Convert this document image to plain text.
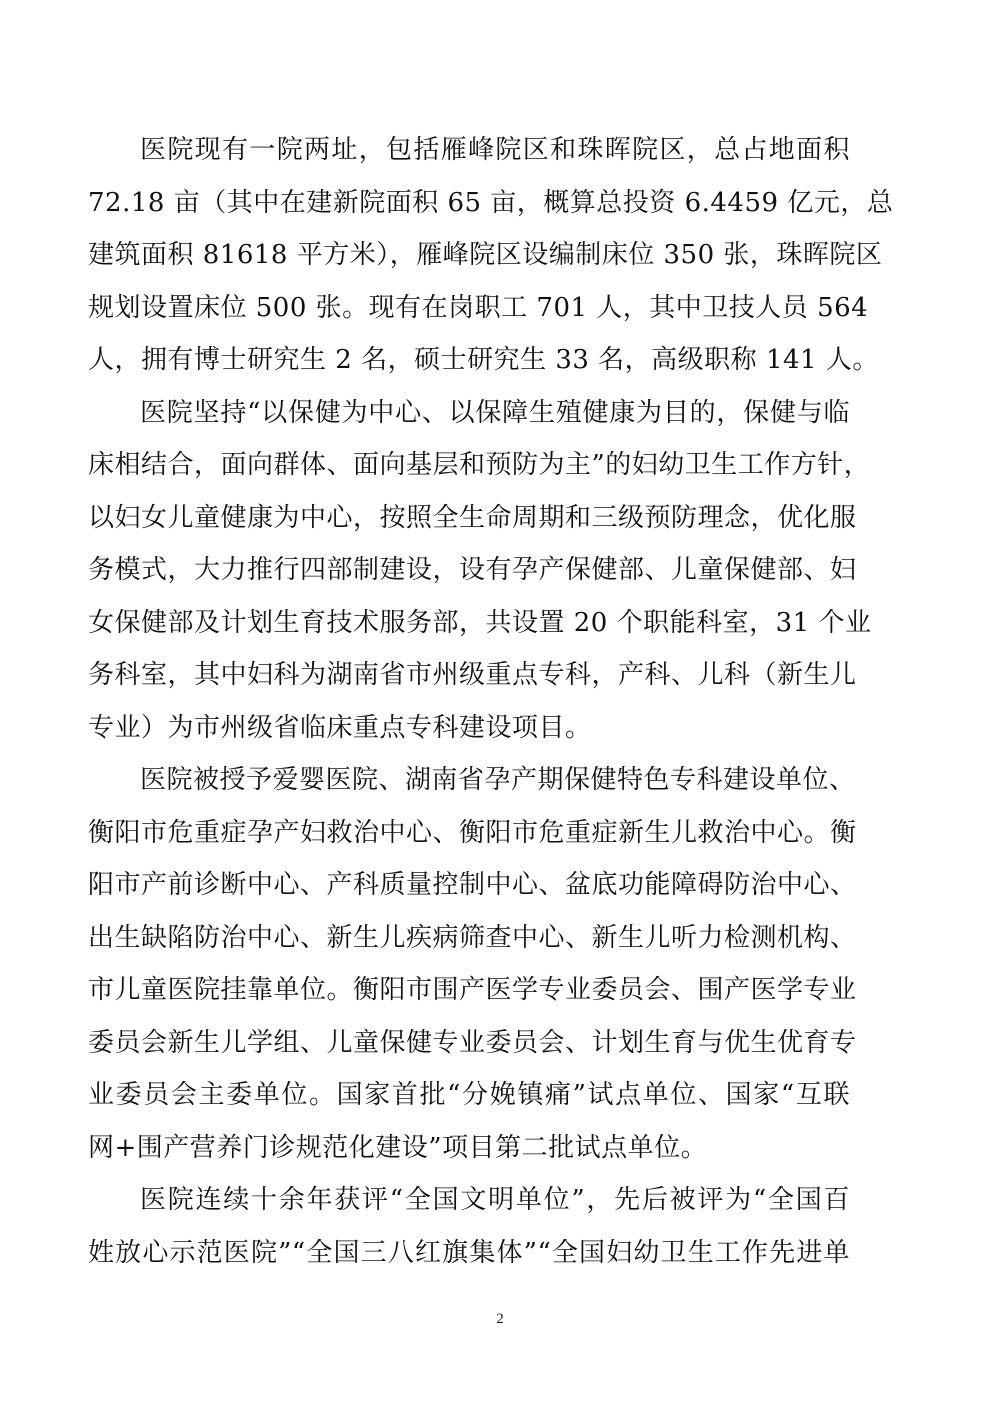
医院现有一院两址，包括雁峰院区和珠晖院区，总占地面积
72.18 亩（其中在建新院面积 65 亩，概算总投资 6.4459 亿元，总
建筑面积 81618 平方米），雁峰院区设编制床位 350 张，珠晖院区
规划设置床位 500 张。现有在岗职工 701 人，其中卫技人员 564
人，拥有博士研究生 2 名，硕士研究生 33 名，高级职称 141 人。
医院坚持“以保健为中心、以保障生殖健康为目的，保健与临
床相结合，面向群体、面向基层和预防为主”的妇幼卫生工作方针，
以妇女儿童健康为中心，按照全生命周期和三级预防理念，优化服
务模式，大力推行四部制建设，设有孕产保健部、儿童保健部、妇
女保健部及计划生育技术服务部，共设置 20 个职能科室，31 个业
务科室，其中妇科为湖南省市州级重点专科，产科、儿科（新生儿
专业）为市州级省临床重点专科建设项目。
医院被授予爱婴医院、湖南省孕产期保健特色专科建设单位、
衡阳市危重症孕产妇救治中心、衡阳市危重症新生儿救治中心。衡
阳市产前诊断中心、产科质量控制中心、盆底功能障碍防治中心、
出生缺陷防治中心、新生儿疾病筛查中心、新生儿听力检测机构、
市儿童医院挂靠单位。衡阳市围产医学专业委员会、围产医学专业
委员会新生儿学组、儿童保健专业委员会、计划生育与优生优育专
业委员会主委单位。国家首批“分娩镇痛”试点单位、国家“互联
网+围产营养门诊规范化建设”项目第二批试点单位。
医院连续十余年获评“全国文明单位”，先后被评为“全国百
姓放心示范医院”“全国三八红旗集体”“全国妇幼卫生工作先进单
2
